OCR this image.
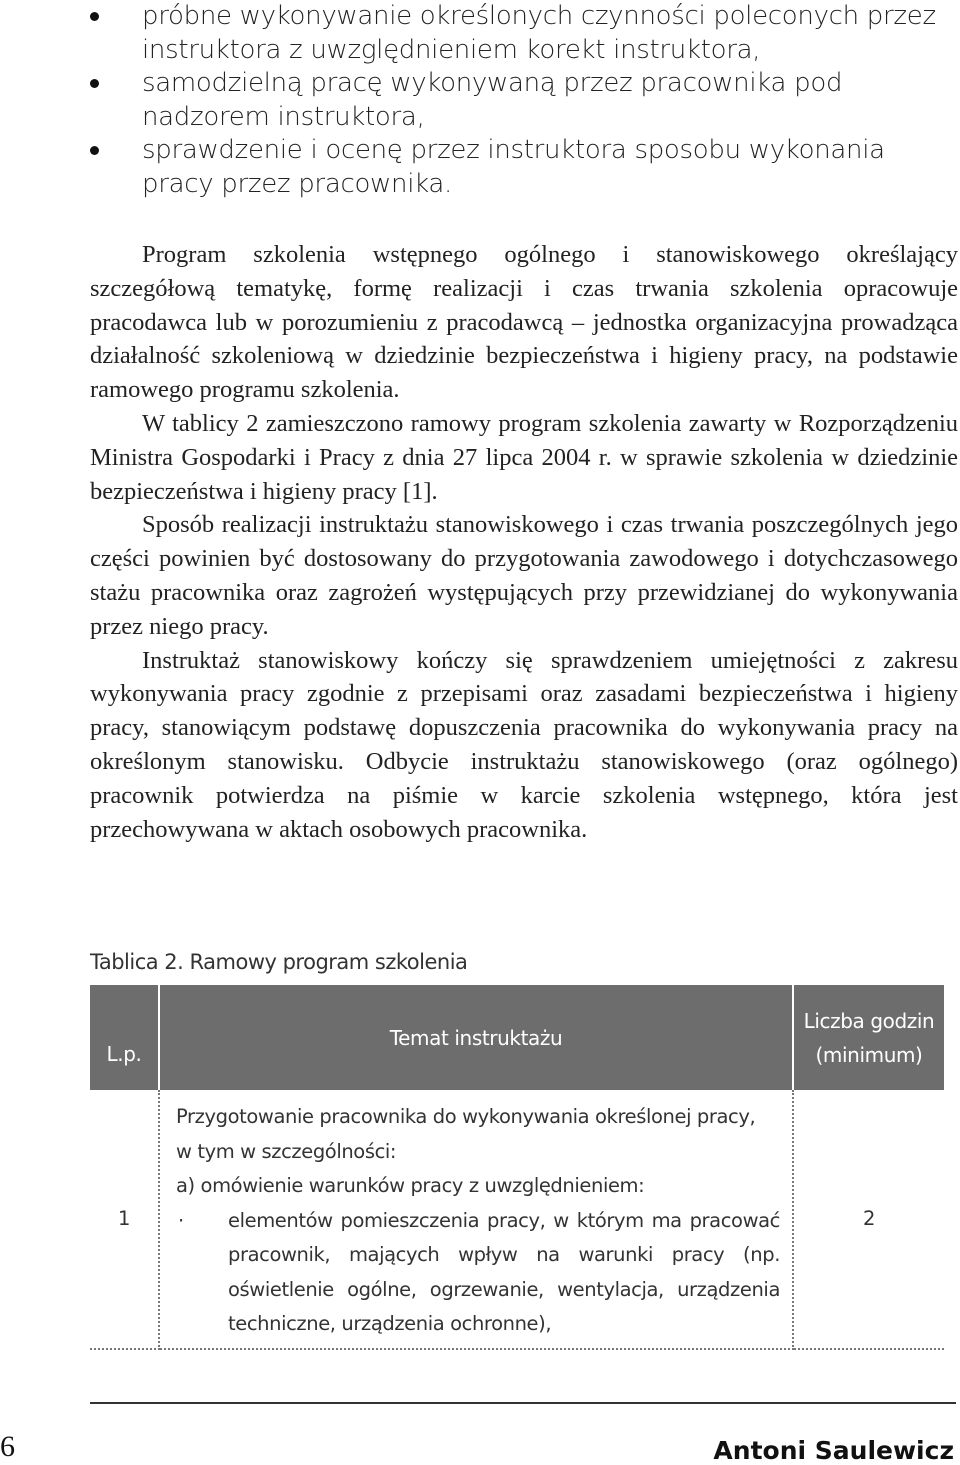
próbne wykonywanie określonych czynności poleconych przez instruktora z uwzględnieniem korekt instruktora,
samodzielną pracę wykonywaną przez pracownika pod nadzorem instruktora,
sprawdzenie i ocenę przez instruktora sposobu wykonania pracy przez pracownika.

Program szkolenia wstępnego ogólnego i stanowiskowego określający szczegółową tematykę, formę realizacji i czas trwania szkolenia opracowuje pracodawca lub w porozumieniu z pracodawcą – jednostka organizacyjna prowadząca działalność szkoleniową w dziedzinie bezpieczeństwa i higieny pracy, na podstawie ramowego programu szkolenia.

W tablicy 2 zamieszczono ramowy program szkolenia zawarty w Rozporządzeniu Ministra Gospodarki i Pracy z dnia 27 lipca 2004 r. w sprawie szkolenia w dziedzinie bezpieczeństwa i higieny pracy [1].

Sposób realizacji instruktażu stanowiskowego i czas trwania poszczególnych jego części powinien być dostosowany do przygotowania zawodowego i dotychczasowego stażu pracownika oraz zagrożeń występujących przy przewidzianej do wykonywania przez niego pracy.

Instruktaż stanowiskowy kończy się sprawdzeniem umiejętności z zakresu wykonywania pracy zgodnie z przepisami oraz zasadami bezpieczeństwa i higieny pracy, stanowiącym podstawę dopuszczenia pracownika do wykonywania pracy na określonym stanowisku. Odbycie instruktażu stanowiskowego (oraz ogólnego) pracownik potwierdza na piśmie w karcie szkolenia wstępnego, która jest przechowywana w aktach osobowych pracownika.

Tablica 2. Ramowy program szkolenia
L.p.	Temat instruktażu	Liczba godzin
(minimum)
1	Przygotowanie pracownika do wykonywania określonej pracy,
w tym w szczególności:
a) omówienie warunków pracy z uwzględnieniem:
· elementów pomieszczenia pracy, w którym ma pracować pracownik, mających wpływ na warunki pracy (np. oświetlenie ogólne, ogrzewanie, wentylacja, urządzenia techniczne, urządzenia ochronne),	2
6	Antoni Saulewicz
